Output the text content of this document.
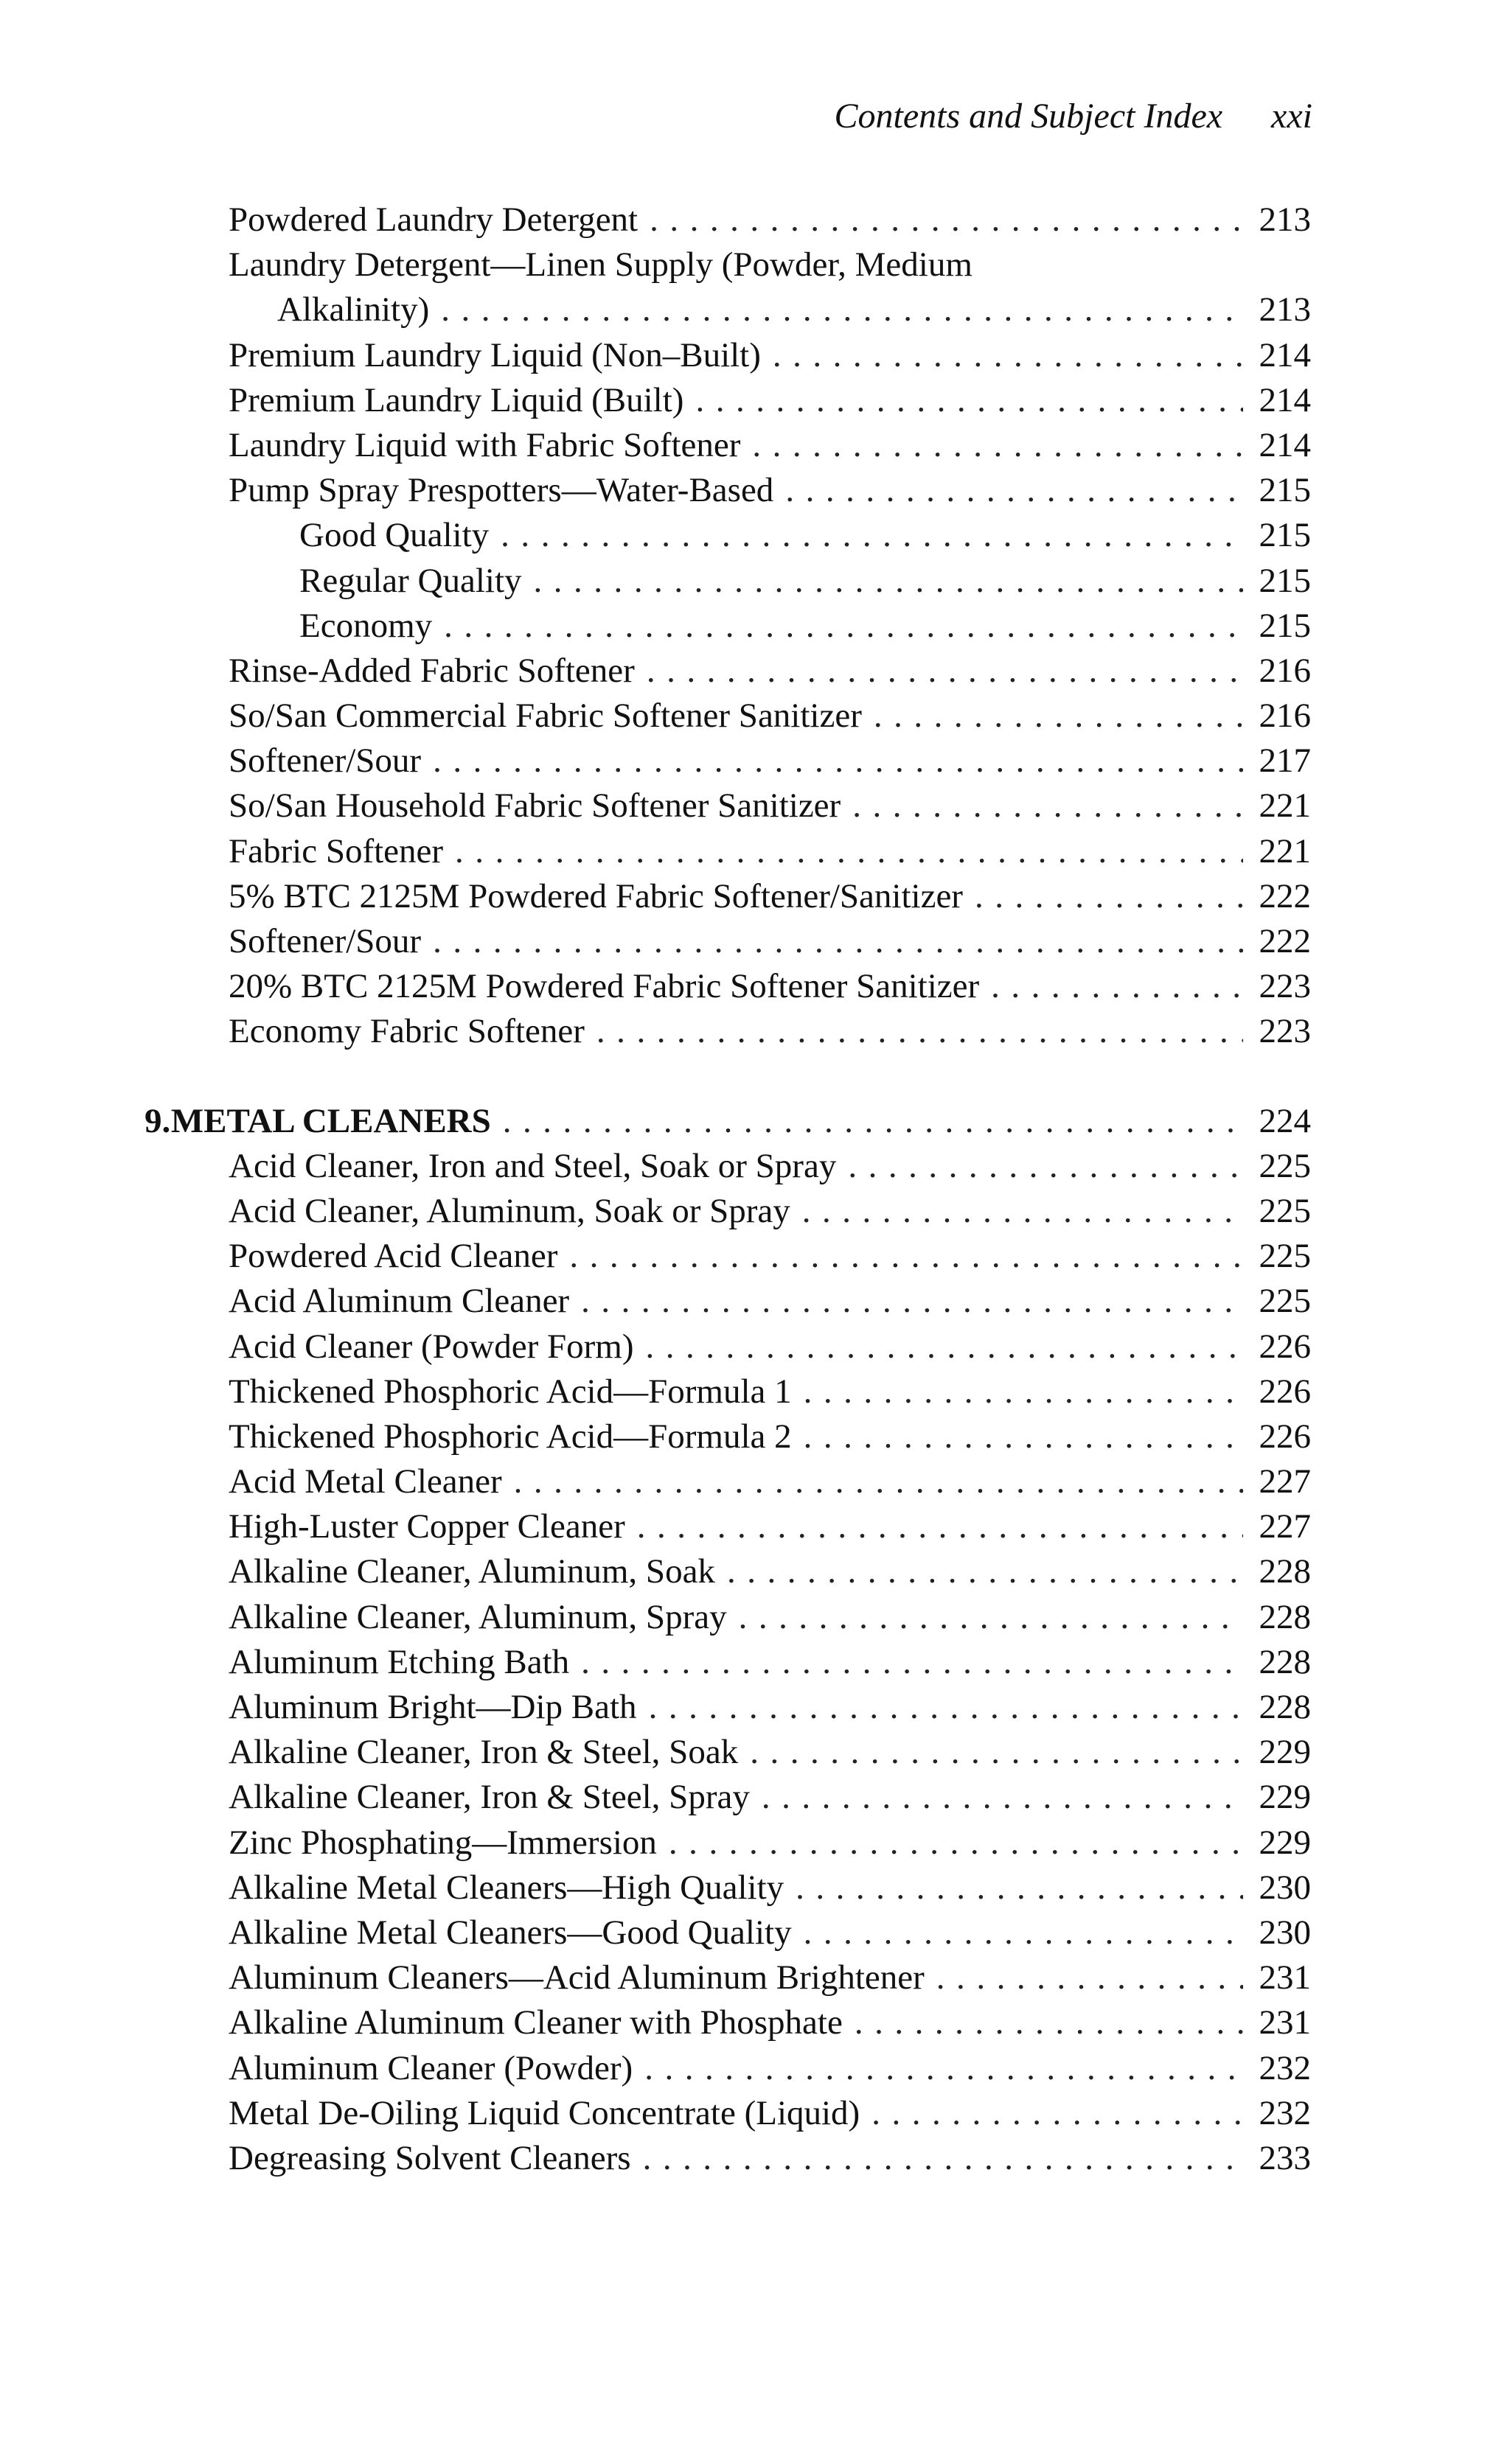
Contents and Subject Index xxi
Powdered Laundry Detergent . . .	213
Laundry Detergent—Linen Supply (Powder, Medium
Alkalinity) . . .	213
Premium Laundry Liquid (Non–Built) . . .	214
Premium Laundry Liquid (Built) . . .	214
Laundry Liquid with Fabric Softener . . .	214
Pump Spray Prespotters—Water-Based . . .	215
Good Quality . . .	215
Regular Quality . . .	215
Economy . . .	215
Rinse-Added Fabric Softener . . .	216
So/San Commercial Fabric Softener Sanitizer . . .	216
Softener/Sour . . .	217
So/San Household Fabric Softener Sanitizer . . .	221
Fabric Softener . . .	221
5% BTC 2125M Powdered Fabric Softener/Sanitizer . . .	222
Softener/Sour . . .	222
20% BTC 2125M Powdered Fabric Softener Sanitizer . . .	223
Economy Fabric Softener . . .	223
9. METAL CLEANERS . . .	224
Acid Cleaner, Iron and Steel, Soak or Spray . . .	225
Acid Cleaner, Aluminum, Soak or Spray . . .	225
Powdered Acid Cleaner . . .	225
Acid Aluminum Cleaner . . .	225
Acid Cleaner (Powder Form) . . .	226
Thickened Phosphoric Acid—Formula 1 . . .	226
Thickened Phosphoric Acid—Formula 2 . . .	226
Acid Metal Cleaner . . .	227
High-Luster Copper Cleaner . . .	227
Alkaline Cleaner, Aluminum, Soak . . .	228
Alkaline Cleaner, Aluminum, Spray . . .	228
Aluminum Etching Bath . . .	228
Aluminum Bright—Dip Bath . . .	228
Alkaline Cleaner, Iron & Steel, Soak . . .	229
Alkaline Cleaner, Iron & Steel, Spray . . .	229
Zinc Phosphating—Immersion . . .	229
Alkaline Metal Cleaners—High Quality . . .	230
Alkaline Metal Cleaners—Good Quality . . .	230
Aluminum Cleaners—Acid Aluminum Brightener . . .	231
Alkaline Aluminum Cleaner with Phosphate . . .	231
Aluminum Cleaner (Powder) . . .	232
Metal De-Oiling Liquid Concentrate (Liquid) . . .	232
Degreasing Solvent Cleaners . . .	233
